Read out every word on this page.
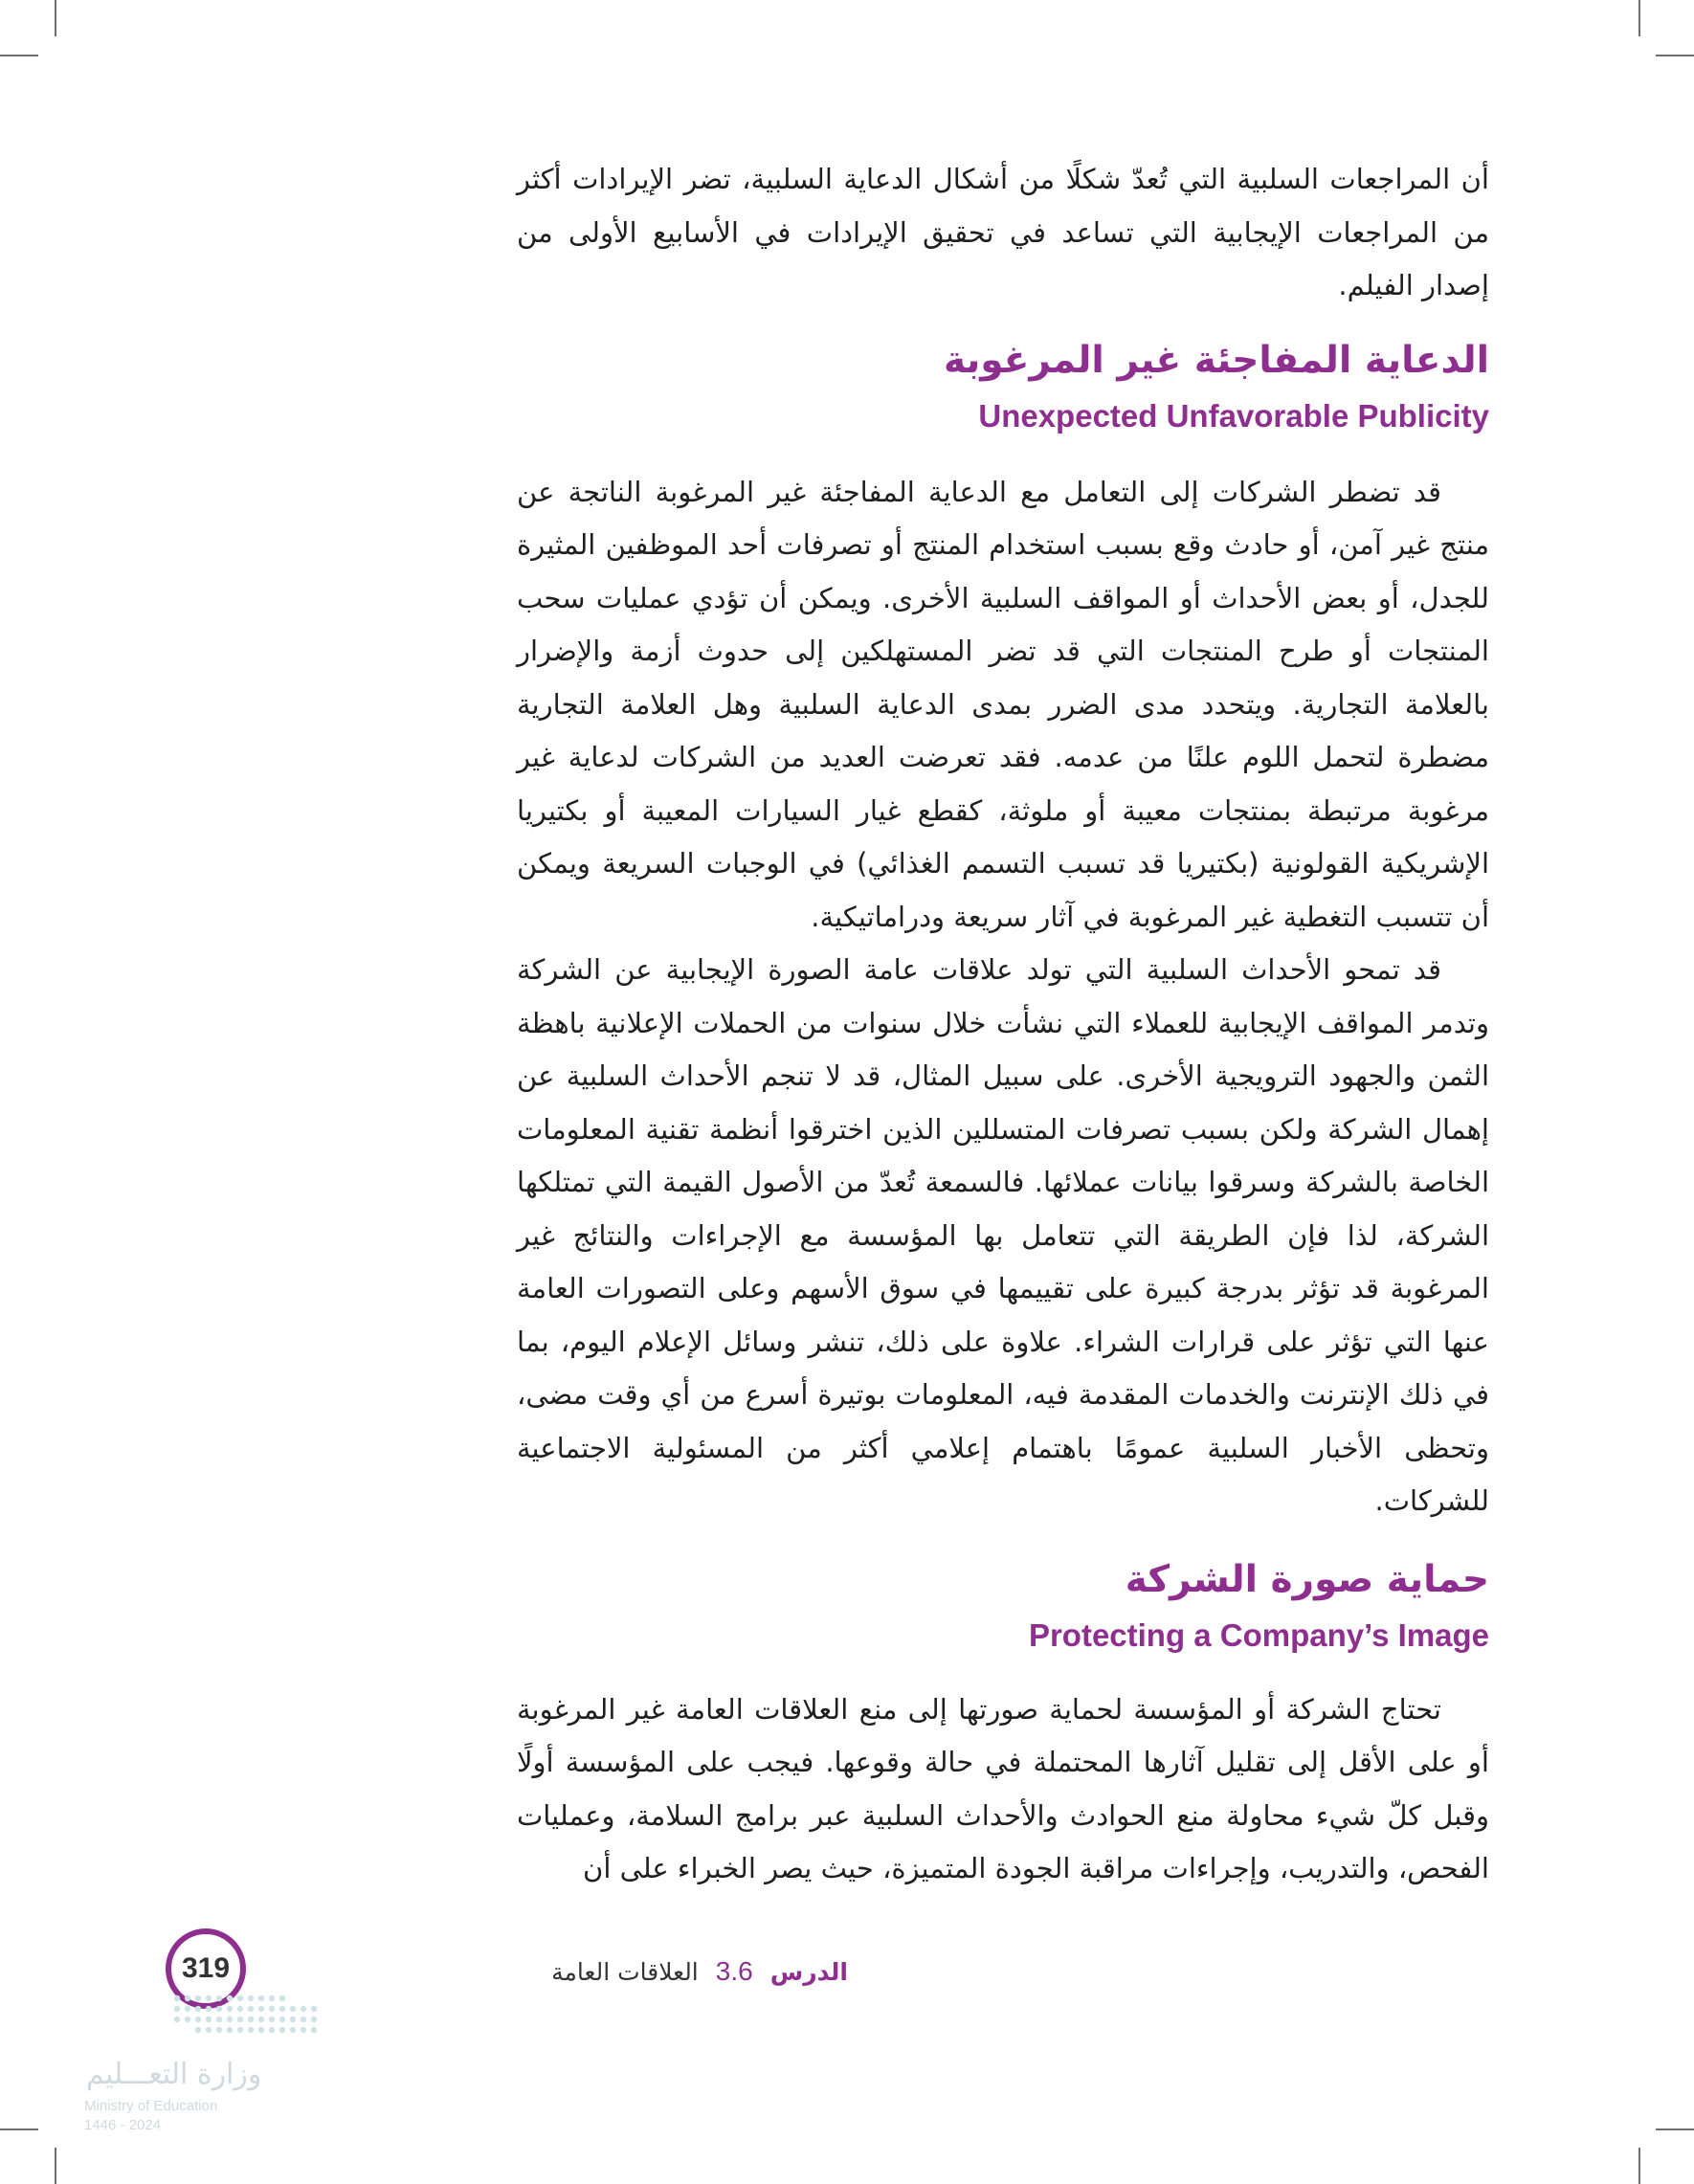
أن المراجعات السلبية التي تُعدّ شكلًا من أشكال الدعاية السلبية، تضر الإيرادات أكثر من المراجعات الإيجابية التي تساعد في تحقيق الإيرادات في الأسابيع الأولى من إصدار الفيلم.

الدعاية المفاجئة غير المرغوبة
Unexpected Unfavorable Publicity

قد تضطر الشركات إلى التعامل مع الدعاية المفاجئة غير المرغوبة الناتجة عن منتج غير آمن، أو حادث وقع بسبب استخدام المنتج أو تصرفات أحد الموظفين المثيرة للجدل، أو بعض الأحداث أو المواقف السلبية الأخرى. ويمكن أن تؤدي عمليات سحب المنتجات أو طرح المنتجات التي قد تضر المستهلكين إلى حدوث أزمة والإضرار بالعلامة التجارية. ويتحدد مدى الضرر بمدى الدعاية السلبية وهل العلامة التجارية مضطرة لتحمل اللوم علنًا من عدمه. فقد تعرضت العديد من الشركات لدعاية غير مرغوبة مرتبطة بمنتجات معيبة أو ملوثة، كقطع غيار السيارات المعيبة أو بكتيريا الإشريكية القولونية (بكتيريا قد تسبب التسمم الغذائي) في الوجبات السريعة ويمكن أن تتسبب التغطية غير المرغوبة في آثار سريعة ودراماتيكية.

قد تمحو الأحداث السلبية التي تولد علاقات عامة الصورة الإيجابية عن الشركة وتدمر المواقف الإيجابية للعملاء التي نشأت خلال سنوات من الحملات الإعلانية باهظة الثمن والجهود الترويجية الأخرى. على سبيل المثال، قد لا تنجم الأحداث السلبية عن إهمال الشركة ولكن بسبب تصرفات المتسللين الذين اخترقوا أنظمة تقنية المعلومات الخاصة بالشركة وسرقوا بيانات عملائها. فالسمعة تُعدّ من الأصول القيمة التي تمتلكها الشركة، لذا فإن الطريقة التي تتعامل بها المؤسسة مع الإجراءات والنتائج غير المرغوبة قد تؤثر بدرجة كبيرة على تقييمها في سوق الأسهم وعلى التصورات العامة عنها التي تؤثر على قرارات الشراء. علاوة على ذلك، تنشر وسائل الإعلام اليوم، بما في ذلك الإنترنت والخدمات المقدمة فيه، المعلومات بوتيرة أسرع من أي وقت مضى، وتحظى الأخبار السلبية عمومًا باهتمام إعلامي أكثر من المسئولية الاجتماعية للشركات.

حماية صورة الشركة
Protecting a Company’s Image

تحتاج الشركة أو المؤسسة لحماية صورتها إلى منع العلاقات العامة غير المرغوبة أو على الأقل إلى تقليل آثارها المحتملة في حالة وقوعها. فيجب على المؤسسة أولًا وقبل كلّ شيء محاولة منع الحوادث والأحداث السلبية عبر برامج السلامة، وعمليات الفحص، والتدريب، وإجراءات مراقبة الجودة المتميزة، حيث يصر الخبراء على أن

319	الدرس
3.6
العلاقات العامة
وزارة التعـــليم
Ministry of Education
2024 - 1446
